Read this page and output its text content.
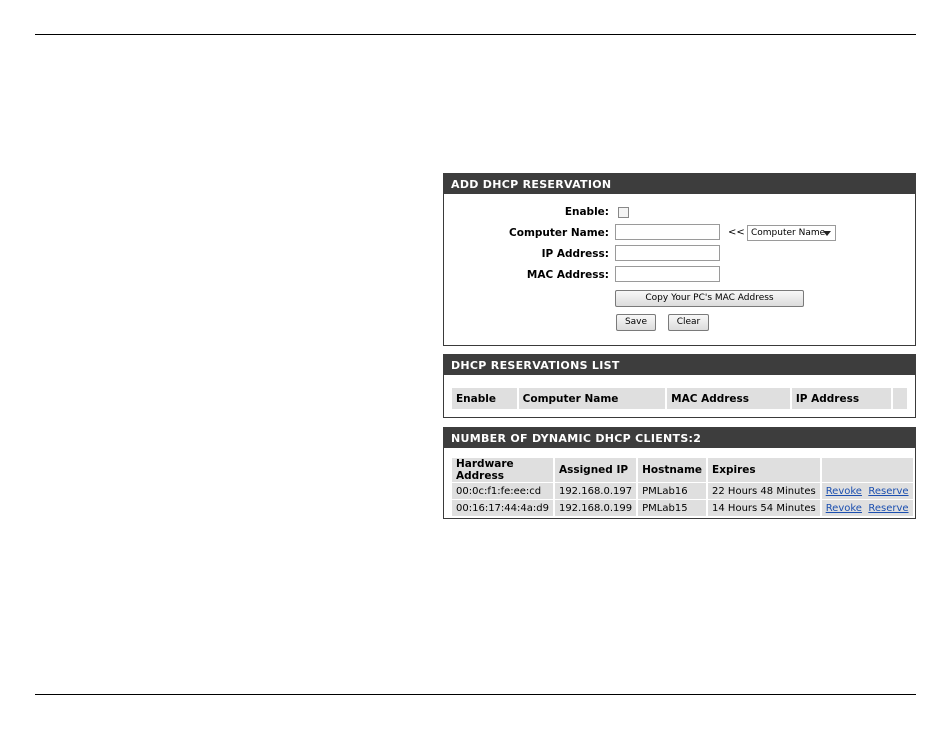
ADD DHCP RESERVATION
Enable:
Computer Name:	<< Computer Name
IP Address:
MAC Address:
Copy Your PC's MAC Address
Save	Clear
DHCP RESERVATIONS LIST
Enable	Computer Name	MAC Address	IP Address	
NUMBER OF DYNAMIC DHCP CLIENTS:2
Hardware Address	Assigned IP	Hostname	Expires	
00:0c:f1:fe:ee:cd	192.168.0.197	PMLab16	22 Hours 48 Minutes	Revoke Reserve
00:16:17:44:4a:d9	192.168.0.199	PMLab15	14 Hours 54 Minutes	Revoke Reserve
